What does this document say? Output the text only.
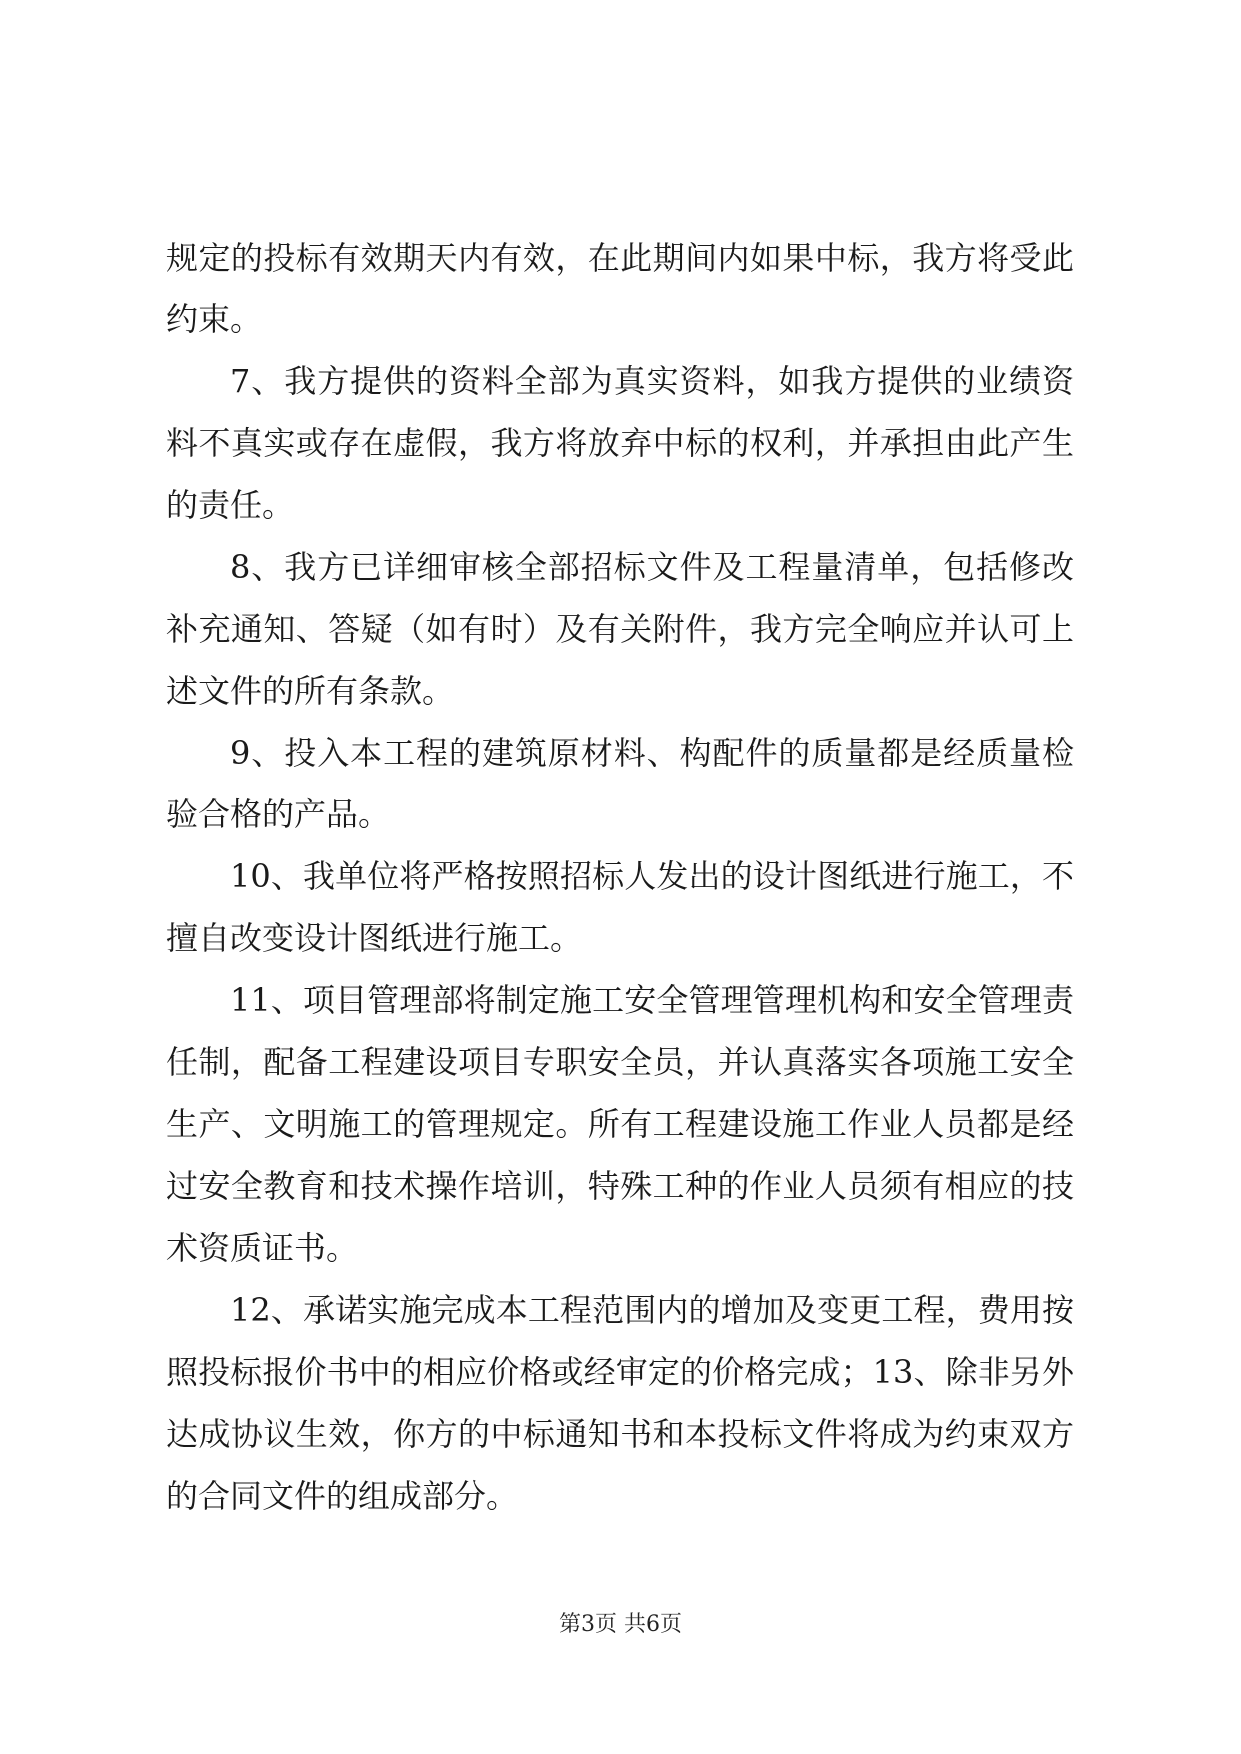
规定的投标有效期天内有效，在此期间内如果中标，我方将受此
约束。
7、我方提供的资料全部为真实资料，如我方提供的业绩资
料不真实或存在虚假，我方将放弃中标的权利，并承担由此产生
的责任。
8、我方已详细审核全部招标文件及工程量清单，包括修改
补充通知、答疑（如有时）及有关附件，我方完全响应并认可上
述文件的所有条款。
9、投入本工程的建筑原材料、构配件的质量都是经质量检
验合格的产品。
10、我单位将严格按照招标人发出的设计图纸进行施工，不
擅自改变设计图纸进行施工。
11、项目管理部将制定施工安全管理管理机构和安全管理责
任制，配备工程建设项目专职安全员，并认真落实各项施工安全
生产、文明施工的管理规定。所有工程建设施工作业人员都是经
过安全教育和技术操作培训，特殊工种的作业人员须有相应的技
术资质证书。
12、承诺实施完成本工程范围内的增加及变更工程，费用按
照投标报价书中的相应价格或经审定的价格完成；13、除非另外
达成协议生效，你方的中标通知书和本投标文件将成为约束双方
的合同文件的组成部分。
第3页 共6页
